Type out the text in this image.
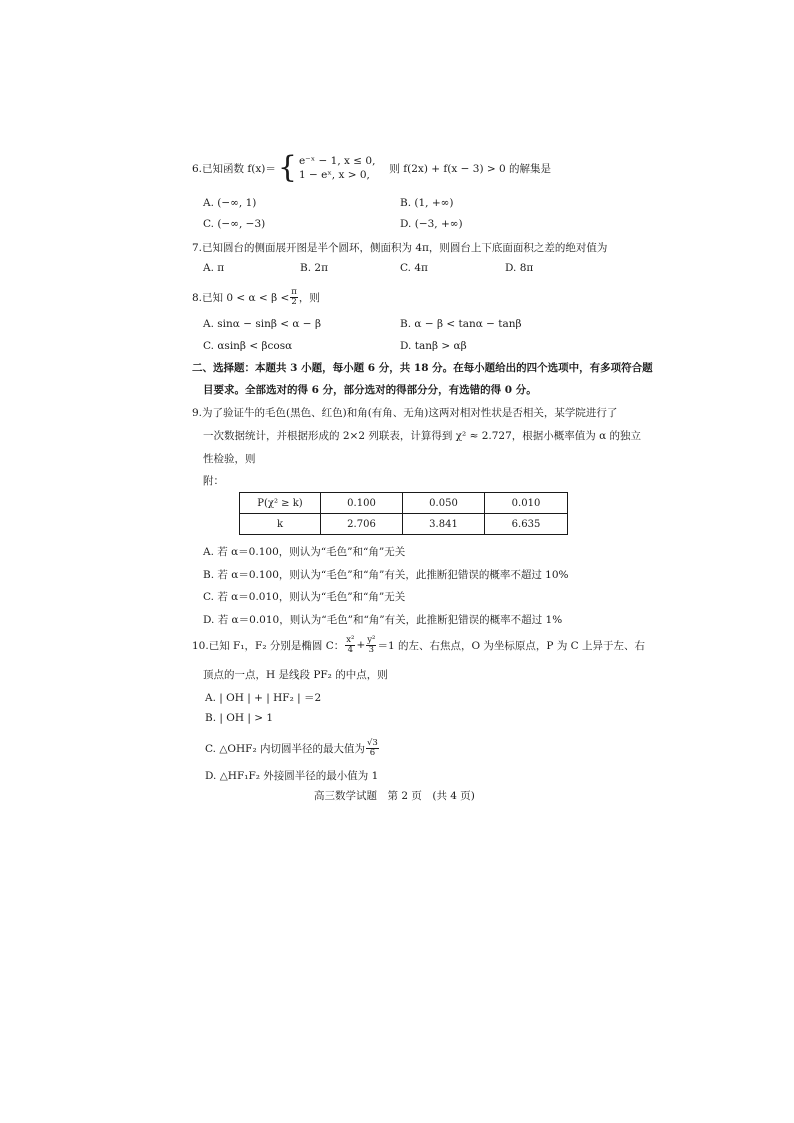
6.已知函数 f(x)＝ { e⁻ˣ − 1, x ≤ 0,
1 − eˣ, x > 0,
则 f(2x) + f(x − 3) > 0 的解集是
A. (−∞, 1)	B. (1, +∞)
C. (−∞, −3)	D. (−3, +∞)
7.已知圆台的侧面展开图是半个圆环，侧面积为 4π，则圆台上下底面面积之差的绝对值为
A. π	B. 2π	C. 4π	D. 8π
8.已知 $0 < \alpha < \beta < \frac{\pi}{2}$ ，则
A. sinα − sinβ < α − β	B. α − β < tanα − tanβ
C. αsinβ < βcosα	D. tanβ > αβ
二、选择题：本题共 3 小题，每小题 6 分，共 18 分。在每小题给出的四个选项中，有多项符合题
目要求。全部选对的得 6 分，部分选对的得部分分，有选错的得 0 分。
9.为了验证牛的毛色(黑色、红色)和角(有角、无角)这两对相对性状是否相关，某学院进行了
一次数据统计，并根据形成的 2×2 列联表，计算得到 χ² ≈ 2.727，根据小概率值为 α 的独立
性检验，则
附：
P(χ² ≥ k)	0.100	0.050	0.010
k	2.706	3.841	6.635
A. 若 α＝0.100，则认为“毛色”和“角”无关
B. 若 α＝0.100，则认为“毛色”和“角”有关，此推断犯错误的概率不超过 10%
C. 若 α＝0.010，则认为“毛色”和“角”无关
D. 若 α＝0.010，则认为“毛色”和“角”有关，此推断犯错误的概率不超过 1%
10.已知 F₁，F₂ 分别是椭圆 C： $\frac{\text{x²}}{4} + \frac{\text{y²}}{3} =1$ 的左、右焦点，O 为坐标原点，P 为 C 上异于左、右
顶点的一点，H 是线段 PF₂ 的中点，则
A. | OH | + | HF₂ | ＝2
B. | OH | > 1
C. △OHF₂ 内切圆半径的最大值为 $\frac{√3}{6}$
D. △HF₁F₂ 外接圆半径的最小值为 1
高三数学试题　第 2 页　(共 4 页)
